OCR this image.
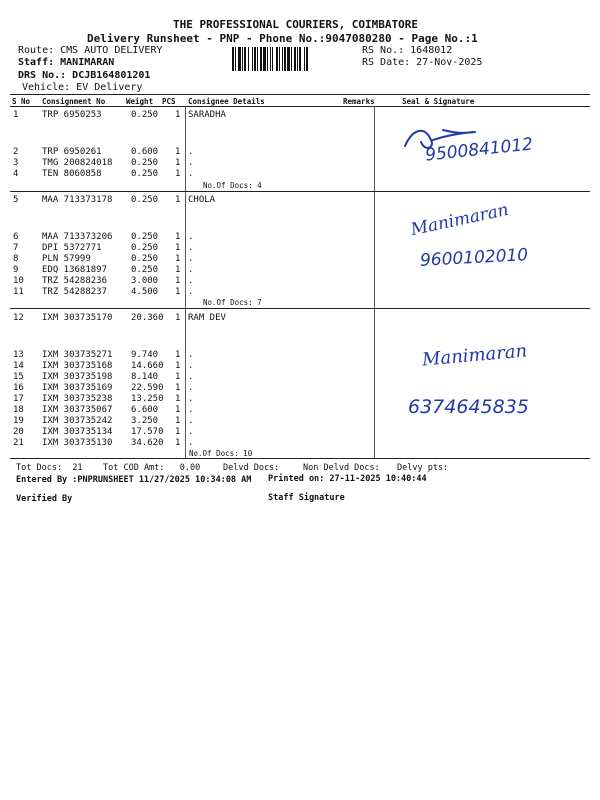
THE PROFESSIONAL COURIERS, COIMBATORE
Delivery Runsheet - PNP - Phone No.:9047080280 - Page No.:1
Route: CMS AUTO DELIVERY
Staff: MANIMARAN
DRS No.: DCJB164801201
Vehicle: EV Delivery
RS No.: 1648012
RS Date: 27-Nov-2025
S No Consignment No	Weight PCS Consignee Details	Remarks	Seal & Signature
1	TRP 6950253	0.250 1 SARADHA
2	TRP 6950261	0.600 1 .
3	TMG 200824018 0.250 1 .
4	TEN 8060858	0.250 1 .
No.Of Docs: 4
5	MAA 713373178 0.250 1 CHOLA
6	MAA 713373206 0.250 1 .
7	DPI 5372771	0.250 1 .
8	PLN 57999	0.250 1 .
9	EDQ 13681897	0.250 1 .
10 TRZ 54288236	3.000 1 .
11 TRZ 54288237	4.500 1 .
No.Of Docs: 7
12 IXM 303735170 20.360 1 RAM DEV
13 IXM 303735271 9.740 1 .
14 IXM 303735168 14.660 1 .
15 IXM 303735198 8.140 1 .
16 IXM 303735169 22.590 1 .
17 IXM 303735238 13.250 1 .
18 IXM 303735067 6.600 1 .
19 IXM 303735242 3.250 1 .
20 IXM 303735134 17.570 1 .
21 IXM 303735130 34.620 1 .
No.Of Docs: 10
9500841012
Manimaran
9600102010
Manimaran
6374645835
Tot Docs: 21 Tot COD Amt: 0.00	Delvd Docs:	Non Delvd Docs: Delvy pts:
Entered By :PNPRUNSHEET 11/27/2025 10:34:08 AM Printed on: 27-11-2025 10:40:44
Verified By	Staff Signature
